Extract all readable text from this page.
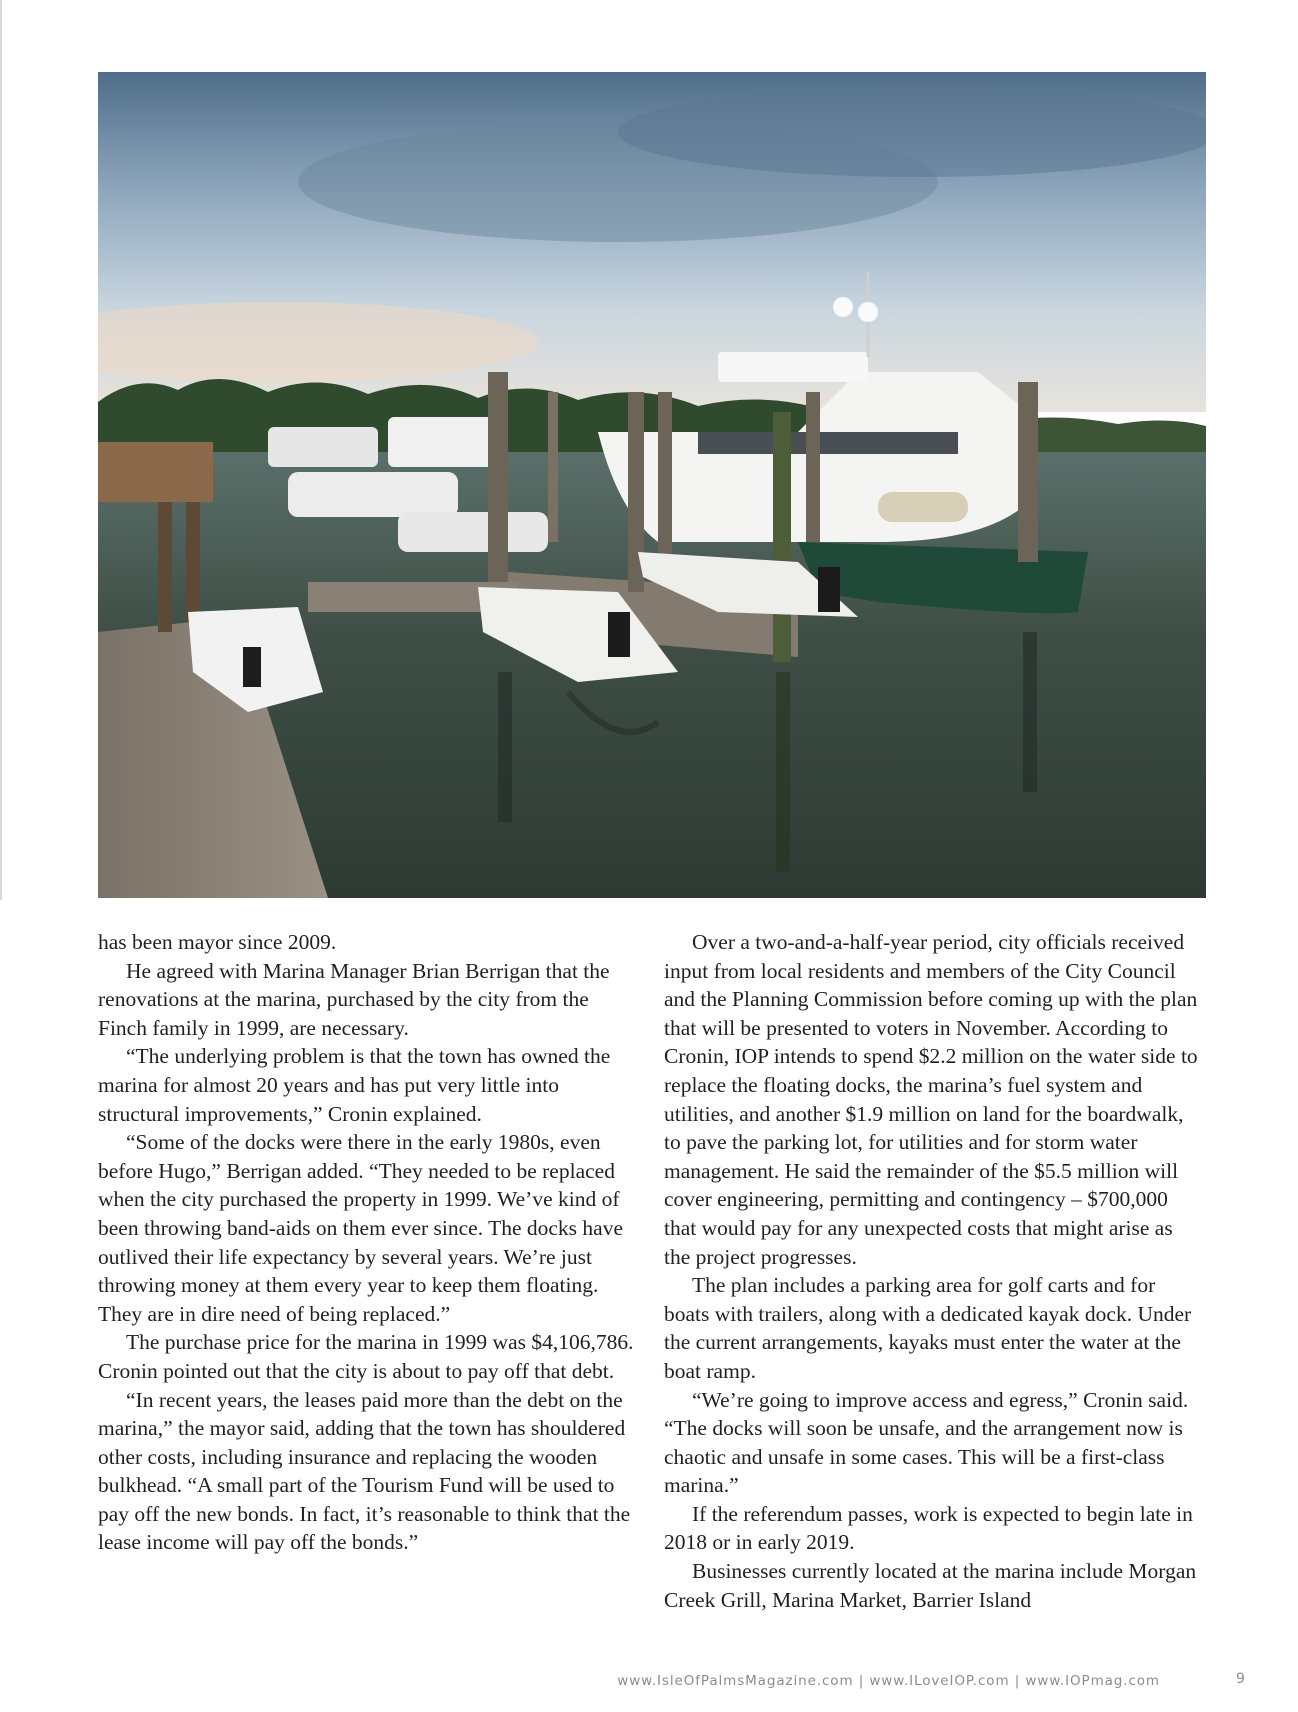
has been mayor since 2009.

He agreed with Marina Manager Brian Berrigan that the renovations at the marina, purchased by the city from the Finch family in 1999, are necessary.

“The underlying problem is that the town has owned the marina for almost 20 years and has put very little into structural improvements,” Cronin explained.

“Some of the docks were there in the early 1980s, even before Hugo,” Berrigan added. “They needed to be replaced when the city purchased the property in 1999. We’ve kind of been throwing band-aids on them ever since. The docks have outlived their life expectancy by several years. We’re just throwing money at them every year to keep them floating. They are in dire need of being replaced.”

The purchase price for the marina in 1999 was $4,106,786. Cronin pointed out that the city is about to pay off that debt.

“In recent years, the leases paid more than the debt on the marina,” the mayor said, adding that the town has shouldered other costs, including insurance and replacing the wooden bulkhead. “A small part of the Tourism Fund will be used to pay off the new bonds. In fact, it’s reasonable to think that the lease income will pay off the bonds.”

Over a two-and-a-half-year period, city officials received input from local residents and members of the City Council and the Planning Commission before coming up with the plan that will be presented to voters in November. According to Cronin, IOP intends to spend $2.2 million on the water side to replace the floating docks, the marina’s fuel system and utilities, and another $1.9 million on land for the boardwalk, to pave the parking lot, for utilities and for storm water management. He said the remainder of the $5.5 million will cover engineering, permitting and contingency – $700,000 that would pay for any unexpected costs that might arise as the project progresses.

The plan includes a parking area for golf carts and for boats with trailers, along with a dedicated kayak dock. Under the current arrangements, kayaks must enter the water at the boat ramp.

“We’re going to improve access and egress,” Cronin said. “The docks will soon be unsafe, and the arrangement now is chaotic and unsafe in some cases. This will be a first-class marina.”

If the referendum passes, work is expected to begin late in 2018 or in early 2019.

Businesses currently located at the marina include Morgan Creek Grill, Marina Market, Barrier Island

www.IsleOfPalmsMagazine.com | www.ILoveIOP.com | www.IOPmag.com	9
